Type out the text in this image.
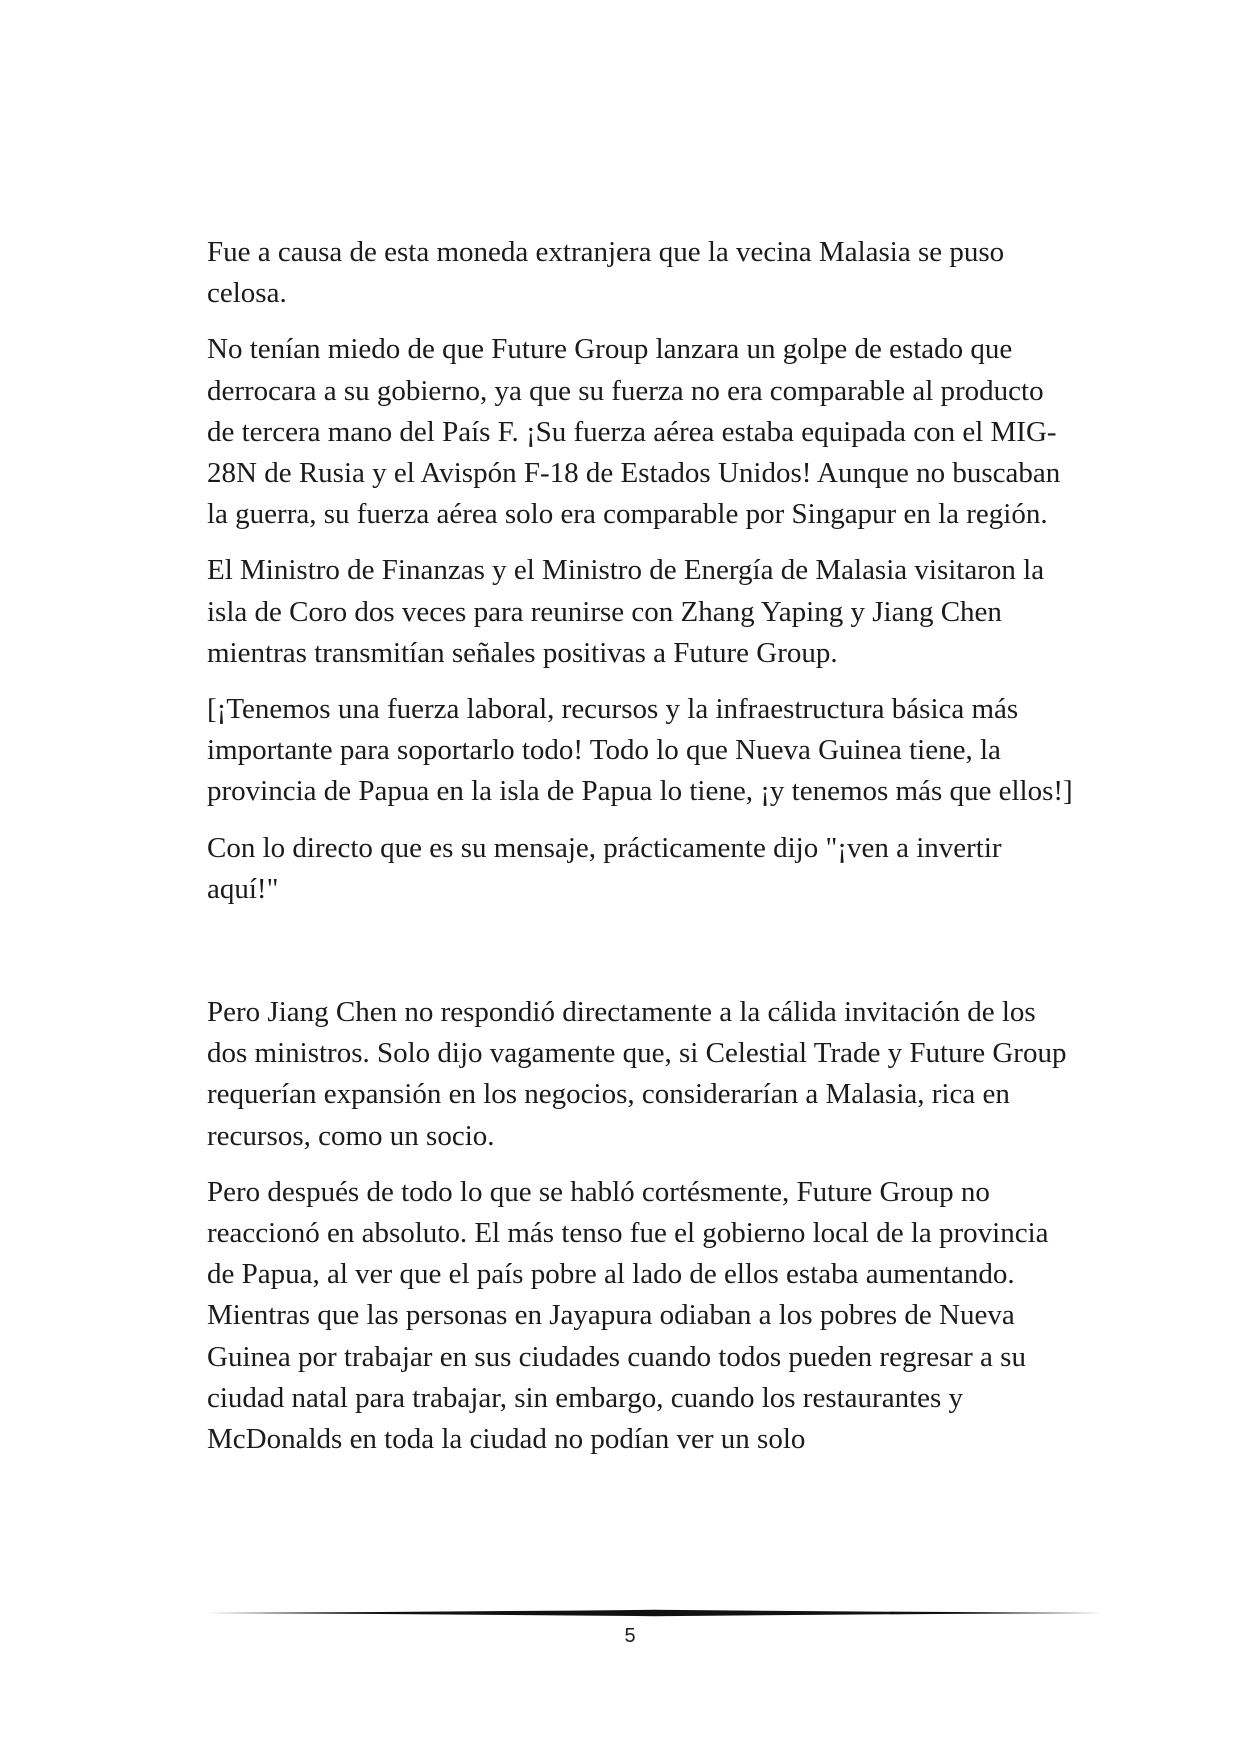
Fue a causa de esta moneda extranjera que la vecina Malasia se puso celosa.

No tenían miedo de que Future Group lanzara un golpe de estado que derrocara a su gobierno, ya que su fuerza no era comparable al producto de tercera mano del País F. ¡Su fuerza aérea estaba equipada con el MIG-28N de Rusia y el Avispón F-18 de Estados Unidos! Aunque no buscaban la guerra, su fuerza aérea solo era comparable por Singapur en la región.

El Ministro de Finanzas y el Ministro de Energía de Malasia visitaron la isla de Coro dos veces para reunirse con Zhang Yaping y Jiang Chen mientras transmitían señales positivas a Future Group.

[¡Tenemos una fuerza laboral, recursos y la infraestructura básica más importante para soportarlo todo! Todo lo que Nueva Guinea tiene, la provincia de Papua en la isla de Papua lo tiene, ¡y tenemos más que ellos!]

Con lo directo que es su mensaje, prácticamente dijo "¡ven a invertir aquí!"

Pero Jiang Chen no respondió directamente a la cálida invitación de los dos ministros. Solo dijo vagamente que, si Celestial Trade y Future Group requerían expansión en los negocios, considerarían a Malasia, rica en recursos, como un socio.

Pero después de todo lo que se habló cortésmente, Future Group no reaccionó en absoluto. El más tenso fue el gobierno local de la provincia de Papua, al ver que el país pobre al lado de ellos estaba aumentando. Mientras que las personas en Jayapura odiaban a los pobres de Nueva Guinea por trabajar en sus ciudades cuando todos pueden regresar a su ciudad natal para trabajar, sin embargo, cuando los restaurantes y McDonalds en toda la ciudad no podían ver un solo

5
